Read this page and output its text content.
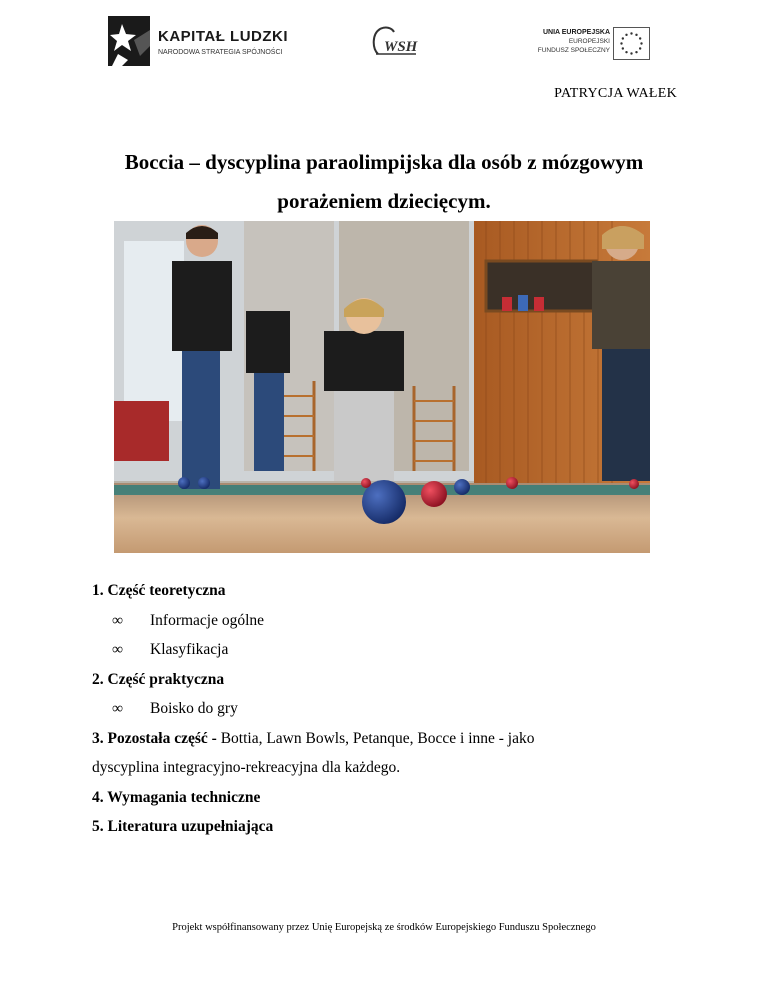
KAPITAŁ LUDZKI
NARODOWA STRATEGIA SPÓJNOŚCI	WSH
UNIA EUROPEJSKA
EUROPEJSKI
FUNDUSZ SPOŁECZNY
PATRYCJA WAŁEK
Boccia – dyscyplina paraolimpijska dla osób z mózgowym porażeniem dziecięcym.
1. Część teoretyczna
∞	Informacje ogólne
∞	Klasyfikacja
2. Część praktyczna
∞	Boisko do gry
3. Pozostała część - Bottia, Lawn Bowls, Petanque, Bocce i inne - jako
dyscyplina integracyjno-rekreacyjna dla każdego.
4. Wymagania techniczne
5. Literatura uzupełniająca
Projekt współfinansowany przez Unię Europejską ze środków Europejskiego Funduszu Społecznego
